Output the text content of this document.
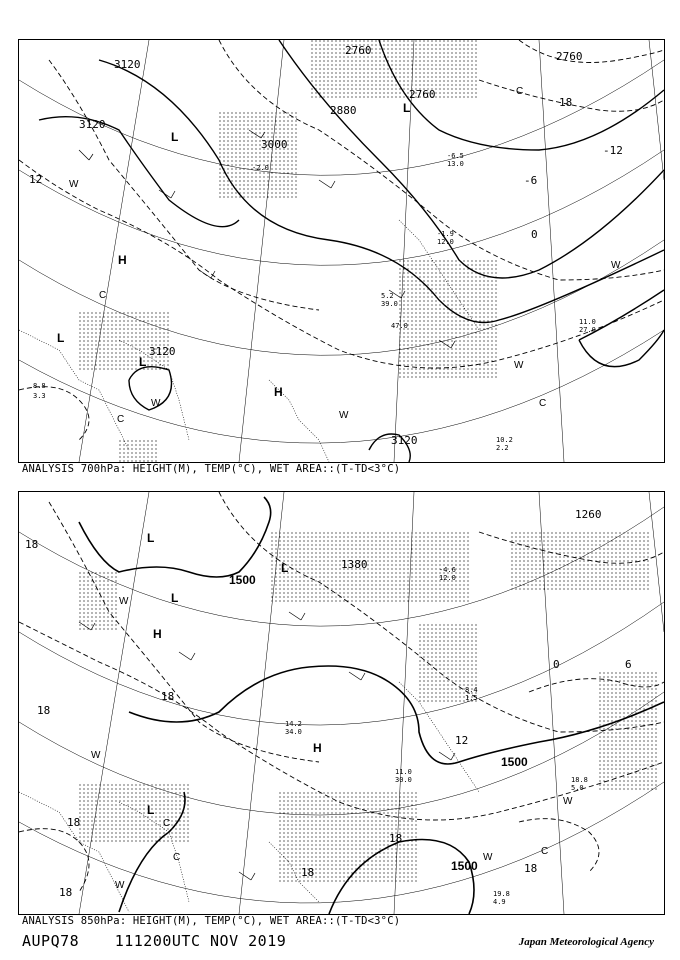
3120
3120
3120
3120
3000
2880
2760
2760
2760
12
-12
-6
0
18
L
L
L
L
H
H
W
W
W
W
C
C
C
W
C
11.0
27.0
10.2
2.2
3.3
8.8
-2.0
47.0
5.2
39.0
-1.9
12.0
-6.5
13.0
ANALYSIS 700hPa: HEIGHT(M), TEMP(°C), WET AREA::(T-TD<3°C)
1500
1500
1500
1380
1260
18
18
18
18
18
18
12
6
0
18
18
L
L
L
L
H
H
W
W
W
C
C
W
W
C
19.8
4.9
18.8
5.0
11.0
30.0
14.2
34.0
8.4
1.5
-4.6
12.0
ANALYSIS 850hPa: HEIGHT(M), TEMP(°C), WET AREA::(T-TD<3°C)
AUPQ78 111200UTC NOV 2019	Japan Meteorological Agency
